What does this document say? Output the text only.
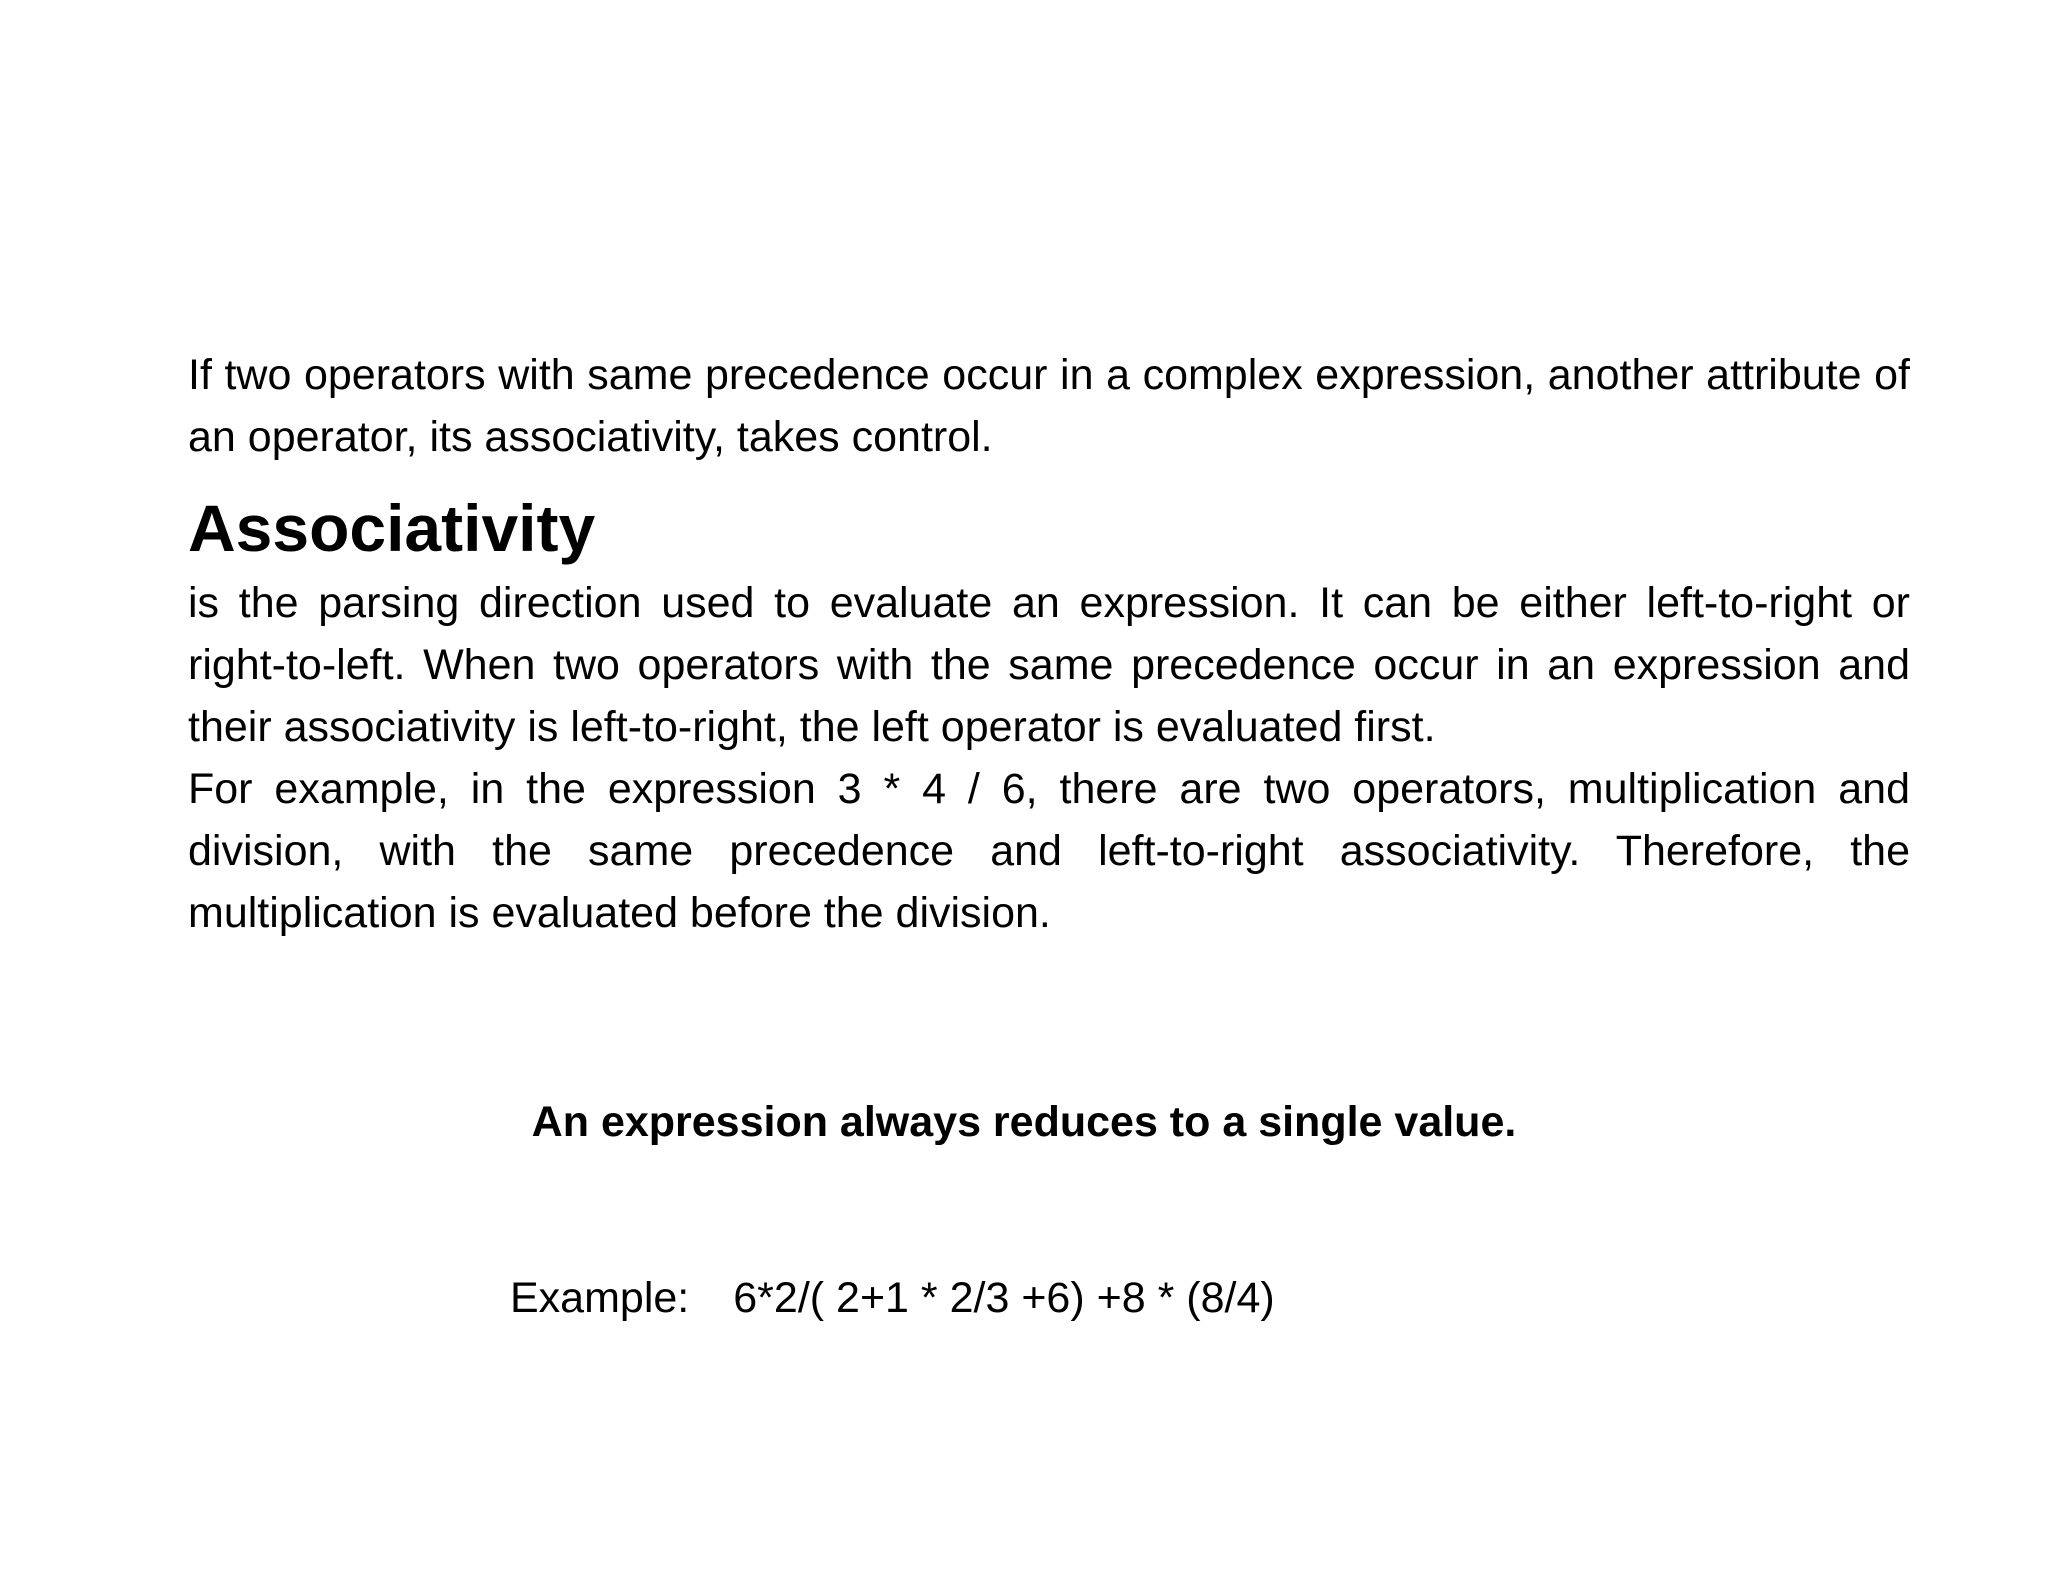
If two operators with same precedence occur in a complex expression, another attribute of an operator, its associativity, takes control.

Associativity

is the parsing direction used to evaluate an expression. It can be either left-to-right or right-to-left. When two operators with the same precedence occur in an expression and their associativity is left-to-right, the left operator is evaluated first.

For example, in the expression 3 * 4 / 6, there are two operators, multiplication and division, with the same precedence and left-to-right associativity. Therefore, the multiplication is evaluated before the division.

An expression always reduces to a single value.

Example: 6*2/( 2+1 * 2/3 +6) +8 * (8/4)
